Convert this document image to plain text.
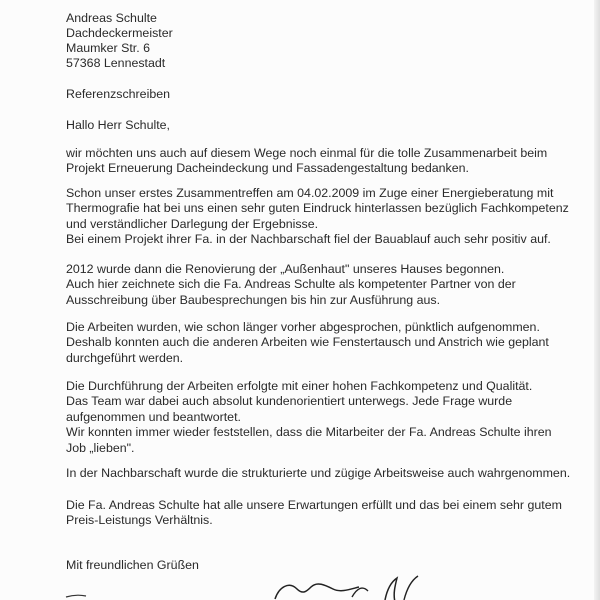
Andreas Schulte

Dachdeckermeister

Maumker Str. 6

57368 Lennestadt

Referenzschreiben

Hallo Herr Schulte,

wir möchten uns auch auf diesem Wege noch einmal für die tolle Zusammenarbeit beim
Projekt Erneuerung Dacheindeckung und Fassadengestaltung bedanken.

Schon unser erstes Zusammentreffen am 04.02.2009 im Zuge einer Energieberatung mit
Thermografie hat bei uns einen sehr guten Eindruck hinterlassen bezüglich Fachkompetenz
und verständlicher Darlegung der Ergebnisse.
Bei einem Projekt ihrer Fa. in der Nachbarschaft fiel der Bauablauf auch sehr positiv auf.

2012 wurde dann die Renovierung der „Außenhaut" unseres Hauses begonnen.
Auch hier zeichnete sich die Fa. Andreas Schulte als kompetenter Partner von der
Ausschreibung über Baubesprechungen bis hin zur Ausführung aus.

Die Arbeiten wurden, wie schon länger vorher abgesprochen, pünktlich aufgenommen.
Deshalb konnten auch die anderen Arbeiten wie Fenstertausch und Anstrich wie geplant
durchgeführt werden.

Die Durchführung der Arbeiten erfolgte mit einer hohen Fachkompetenz und Qualität.
Das Team war dabei auch absolut kundenorientiert unterwegs. Jede Frage wurde
aufgenommen und beantwortet.
Wir konnten immer wieder feststellen, dass die Mitarbeiter der Fa. Andreas Schulte ihren
Job „lieben".

In der Nachbarschaft wurde die strukturierte und zügige Arbeitsweise auch wahrgenommen.

Die Fa. Andreas Schulte hat alle unsere Erwartungen erfüllt und das bei einem sehr gutem
Preis-Leistungs Verhältnis.

Mit freundlichen Grüßen
